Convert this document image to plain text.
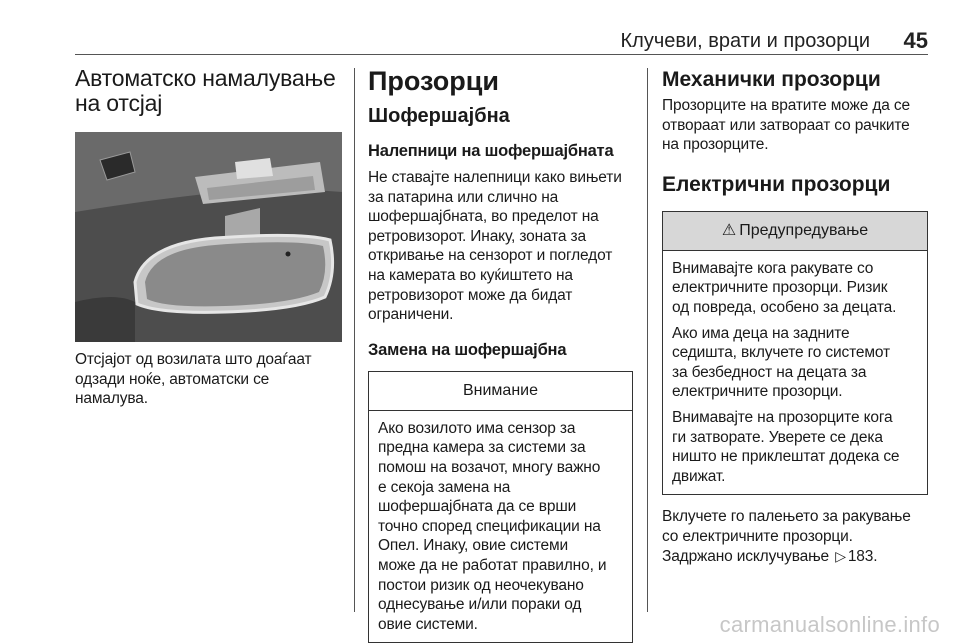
Клучеви, врати и прозорци 45
Автоматско намалување
на отсјај

Отсјајот од возилата што доаѓаат
одзади ноќе, автоматски се
намалува.

Прозорци
Шофершајбна
Налепници на шофершајбната

Не ставајте налепници како вињети
за патарина или слично на
шофершајбната, во пределот на
ретровизорот. Инаку, зоната за
откривање на сензорот и погледот
на камерата во куќиштето на
ретровизорот може да бидат
ограничени.

Замена на шофершајбна
Внимание

Ако возилото има сензор за
предна камера за системи за
помош на возачот, многу важно
е секоја замена на
шофершајбната да се врши
точно според спецификации на
Опел. Инаку, овие системи
може да не работат правилно, и
постои ризик од неочекувано
однесување и/или пораки од
овие системи.

Механички прозорци

Прозорците на вратите може да се
отвораат или затвораат со рачките
на прозорците.

Електрични прозорци
⚠ Предупредување

Внимавајте кога ракувате со
електричните прозорци. Ризик
од повреда, особено за децата.

Ако има деца на задните
седишта, вклучете го системот
за безбедност на децата за
електричните прозорци.

Внимавајте на прозорците кога
ги затворате. Уверете се дека
ништо не приклештат додека се
движат.

Вклучете го палењето за ракување
со електричните прозорци.
Задржано исклучување ▷ 183.

carmanualsonline.info
